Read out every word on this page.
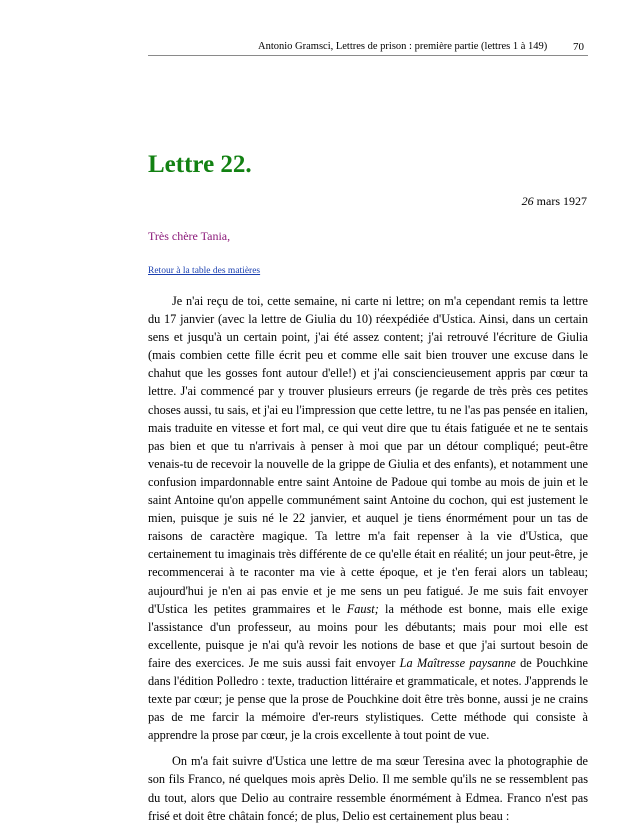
Antonio Gramsci, Lettres de prison : première partie (lettres 1 à 149) 70
Lettre 22.
26 mars 1927
Très chère Tania,
Retour à la table des matières

Je n'ai reçu de toi, cette semaine, ni carte ni lettre; on m'a cependant remis ta lettre du 17 janvier (avec la lettre de Giulia du 10) réexpédiée d'Ustica. Ainsi, dans un certain sens et jusqu'à un certain point, j'ai été assez content; j'ai retrouvé l'écriture de Giulia (mais combien cette fille écrit peu et comme elle sait bien trouver une excuse dans le chahut que les gosses font autour d'elle!) et j'ai consciencieusement appris par cœur ta lettre. J'ai commencé par y trouver plusieurs erreurs (je regarde de très près ces petites choses aussi, tu sais, et j'ai eu l'impression que cette lettre, tu ne l'as pas pensée en italien, mais traduite en vitesse et fort mal, ce qui veut dire que tu étais fatiguée et ne te sentais pas bien et que tu n'arrivais à penser à moi que par un détour compliqué; peut-être venais-tu de recevoir la nouvelle de la grippe de Giulia et des enfants), et notamment une confusion impardonnable entre saint Antoine de Padoue qui tombe au mois de juin et le saint Antoine qu'on appelle communément saint Antoine du cochon, qui est justement le mien, puisque je suis né le 22 janvier, et auquel je tiens énormément pour un tas de raisons de caractère magique. Ta lettre m'a fait repenser à la vie d'Ustica, que certainement tu imaginais très différente de ce qu'elle était en réalité; un jour peut-être, je recommencerai à te raconter ma vie à cette époque, et je t'en ferai alors un tableau; aujourd'hui je n'en ai pas envie et je me sens un peu fatigué. Je me suis fait envoyer d'Ustica les petites grammaires et le Faust; la méthode est bonne, mais elle exige l'assistance d'un professeur, au moins pour les débutants; mais pour moi elle est excellente, puisque je n'ai qu'à revoir les notions de base et que j'ai surtout besoin de faire des exercices. Je me suis aussi fait envoyer La Maîtresse paysanne de Pouchkine dans l'édition Polledro : texte, traduction littéraire et grammaticale, et notes. J'apprends le texte par cœur; je pense que la prose de Pouchkine doit être très bonne, aussi je ne crains pas de me farcir la mémoire d'er-reurs stylistiques. Cette méthode qui consiste à apprendre la prose par cœur, je la crois excellente à tout point de vue.

On m'a fait suivre d'Ustica une lettre de ma sœur Teresina avec la photographie de son fils Franco, né quelques mois après Delio. Il me semble qu'ils ne se ressemblent pas du tout, alors que Delio au contraire ressemble énormément à Edmea. Franco n'est pas frisé et doit être châtain foncé; de plus, Delio est certainement plus beau :
